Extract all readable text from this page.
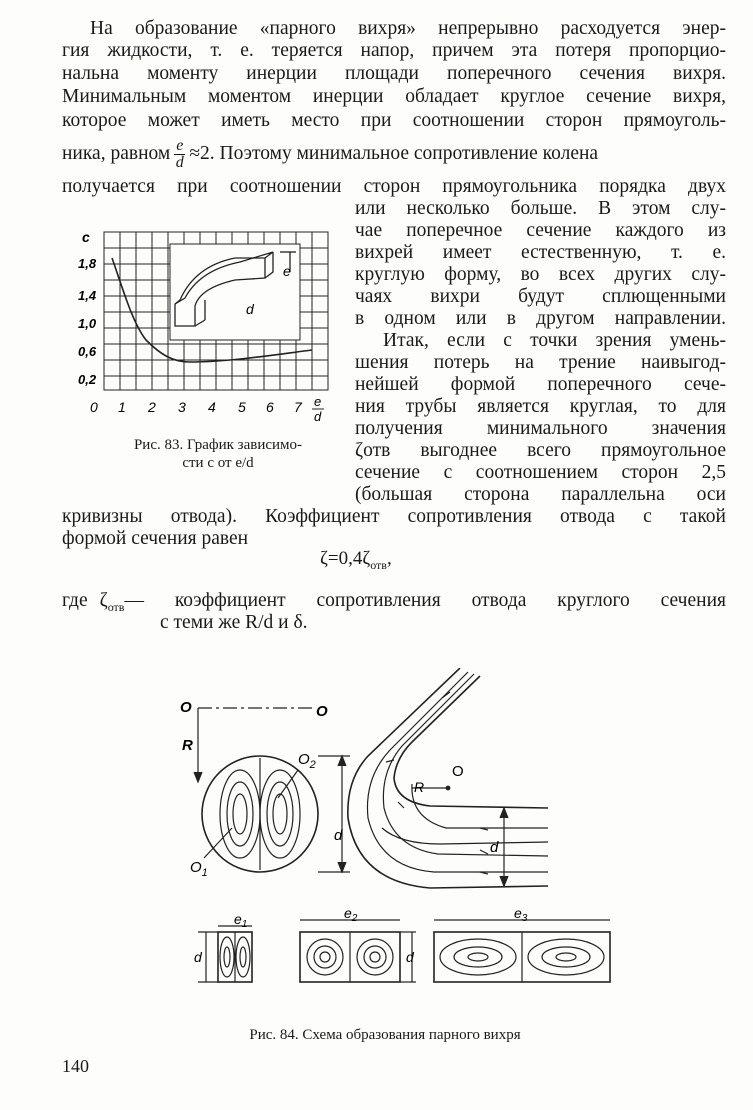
На образование «парного вихря» непрерывно расходуется энер-
гия жидкости, т. е. теряется напор, причем эта потеря пропорцио-
нальна моменту инерции площади поперечного сечения вихря.
Минимальным моментом инерции обладает круглое сечение вихря,
которое может иметь место при соотношении сторон прямоуголь-
ника, равном $\frac{e}{d} \approx 2$. Поэтому минимальное сопротивление колена
получается при соотношении сторон прямоугольника порядка двух
или несколько больше. В этом слу-
чае поперечное сечение каждого из
вихрей имеет естественную, т. е.
круглую форму, во всех других слу-
чаях вихри будут сплющенными
в одном или в другом направлении.
Итак, если с точки зрения умень-
шения потерь на трение наивыгод-
нейшей формой поперечного сече-
ния трубы является круглая, то для
получения минимального значения
ζотв выгоднее всего прямоугольное
сечение с соотношением сторон 2,5
(большая сторона параллельна оси
кривизны отвода). Коэффициент сопротивления отвода с такой
формой сечения равен
$\zeta=0,4\zeta_{отв}$,
где $\zeta_{отв}—$ коэффициент сопротивления отвода круглого сечения
с теми же R/d и δ.
e
d
c
1,8
1,4
1,0
0,6
0,2
0 1 2 3 4 5 6 7 e
d
Рис. 83. График зависимо-
сти c от e/d
O	O
R
$O_2$
$O_1$
d
R
O
d
$e_1$
$e_2$	$e_3$
d	d
Рис. 84. Схема образования парного вихря
140
